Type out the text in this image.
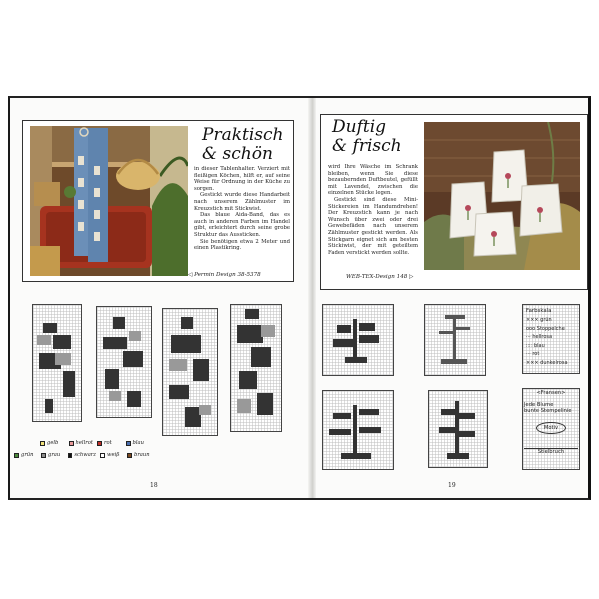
Praktisch
& schön

in dieser Tablenhalter. Verziert mit fleißigen Köchen, hilft er, auf seine Weise für Ordnung in der Küche zu sorgen.

Gestickt wurde diese Handarbeit nach unserem Zählmuster im Kreuzstich mit Stickwist.

Das blaue Aida-Band, das es auch in anderen Farben im Handel gibt, erleichtert durch seine grobe Struktur das Aussticken.

Sie benötigen etwa 2 Meter und einen Plastikring.

◁ Permin Design 38-5378
gelb	hellrot rot	blau
grün	grau	schwarz weiß	braun
18
Duftig
& frisch

wird Ihre Wäsche im Schrank bleiben, wenn Sie diese bezaubernden Duftbeutel, gefüllt mit Lavendel, zwischen die einzelnen Stücke legen.

Gestickt sind diese Mini-Stickereien im Handumdrehen! Der Kreuzstich kann je nach Wunsch über zwei oder drei Gewebefäden nach unserem Zählmuster gestickt werden. Als Stickgarn eignet sich am besten Stickiwist, der mit geteiltem Faden verstickt werden sollte.

WEB-TEX-Design 148 ▷
Farbskala
××× grün
ooo Stoppelche
··· hellrosa
∷∷ blau
··· rot
××× dunkelrosa
<Fransen>
Jede Blume
bunte Stempelinie
Motiv
Stielbruch
19
